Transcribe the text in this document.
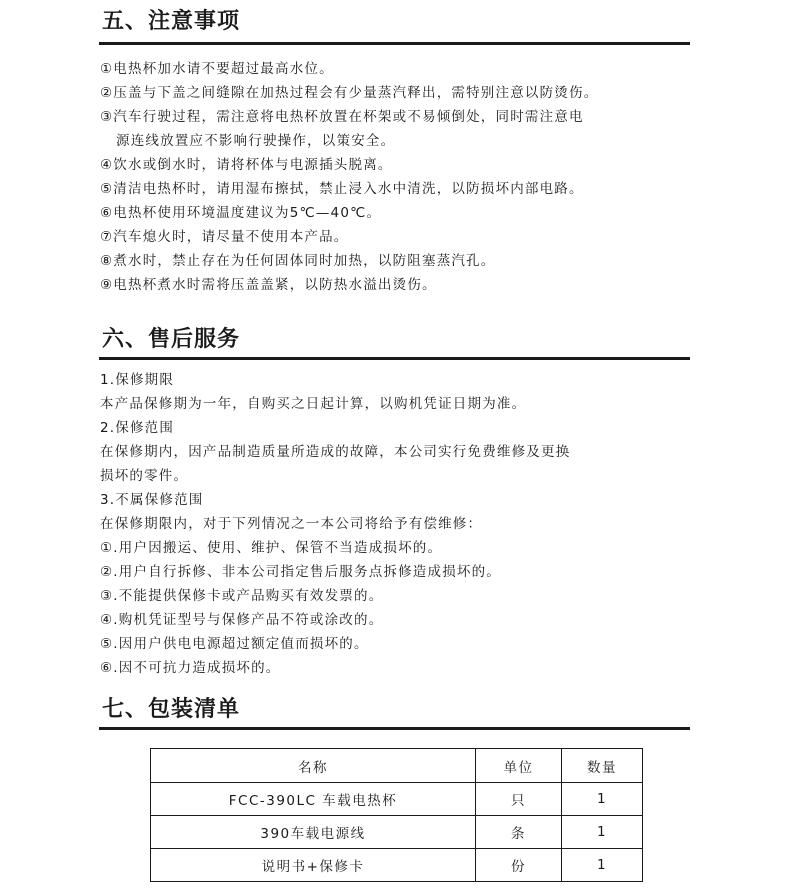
五、注意事项
①电热杯加水请不要超过最高水位。
②压盖与下盖之间缝隙在加热过程会有少量蒸汽释出，需特别注意以防烫伤。
③汽车行驶过程，需注意将电热杯放置在杯架或不易倾倒处，同时需注意电
源连线放置应不影响行驶操作，以策安全。
④饮水或倒水时，请将杯体与电源插头脱离。
⑤清洁电热杯时，请用湿布擦拭，禁止浸入水中清洗，以防损坏内部电路。
⑥电热杯使用环境温度建议为5℃—40℃。
⑦汽车熄火时，请尽量不使用本产品。
⑧煮水时，禁止存在为任何固体同时加热，以防阻塞蒸汽孔。
⑨电热杯煮水时需将压盖盖紧，以防热水溢出烫伤。
六、售后服务
1.保修期限
本产品保修期为一年，自购买之日起计算，以购机凭证日期为准。
2.保修范围
在保修期内，因产品制造质量所造成的故障，本公司实行免费维修及更换
损坏的零件。
3.不属保修范围
在保修期限内，对于下列情况之一本公司将给予有偿维修：
①.用户因搬运、使用、维护、保管不当造成损坏的。
②.用户自行拆修、非本公司指定售后服务点拆修造成损坏的。
③.不能提供保修卡或产品购买有效发票的。
④.购机凭证型号与保修产品不符或涂改的。
⑤.因用户供电电源超过额定值而损坏的。
⑥.因不可抗力造成损坏的。
七、包装清单
名称	单位	数量
FCC-390LC 车载电热杯	只	1
390车载电源线	条	1
说明书+保修卡	份	1
